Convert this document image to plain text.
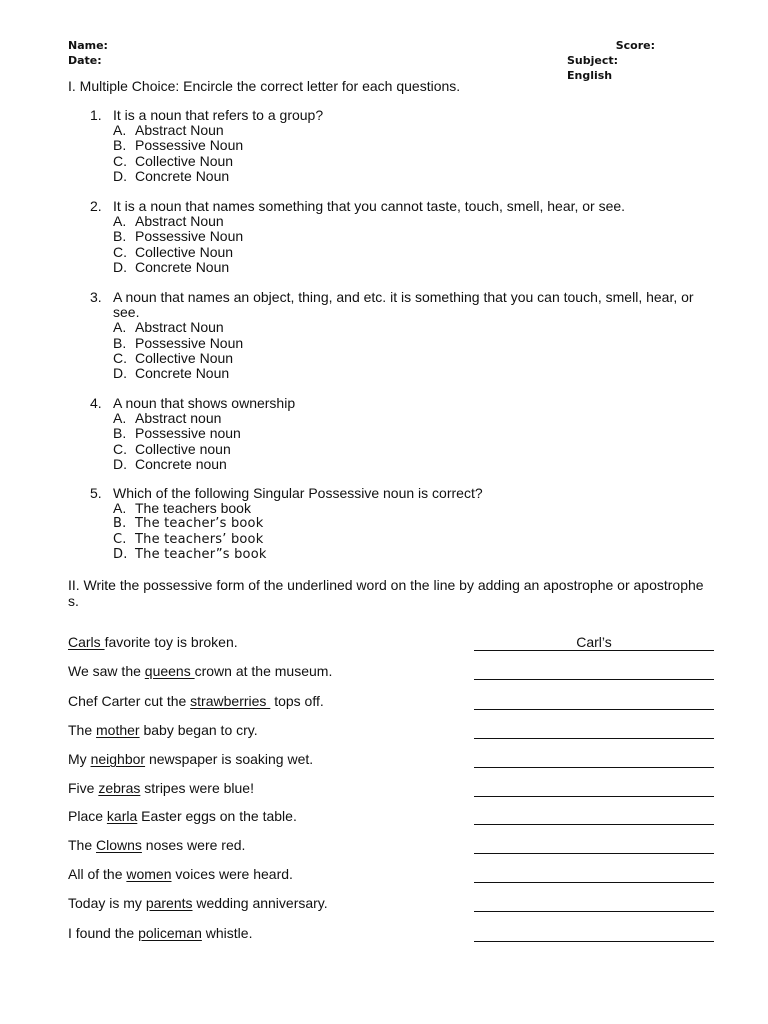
Name:
Date:
Score:
Subject: English
I. Multiple Choice: Encircle the correct letter for each questions.
1. It is a noun that refers to a group?
A. Abstract Noun
B. Possessive Noun
C. Collective Noun
D. Concrete Noun
2. It is a noun that names something that you cannot taste, touch, smell, hear, or see.
A. Abstract Noun
B. Possessive Noun
C. Collective Noun
D. Concrete Noun
3. A noun that names an object, thing, and etc. it is something that you can touch, smell, hear, or see.
A. Abstract Noun
B. Possessive Noun
C. Collective Noun
D. Concrete Noun
4. A noun that shows ownership
A. Abstract noun
B. Possessive noun
C. Collective noun
D. Concrete noun
5. Which of the following Singular Possessive noun is correct?
A. The teachers book
B. The teacher’s book
C. The teachers’ book
D. The teacher”s book
II. Write the possessive form of the underlined word on the line by adding an apostrophe or apostrophe s.
Carls favorite toy is broken.	Carl’s
We saw the queens crown at the museum.
Chef Carter cut the strawberries  tops off.
The mother baby began to cry.
My neighbor newspaper is soaking wet.
Five zebras stripes were blue!
Place karla Easter eggs on the table.
The Clowns noses were red.
All of the women voices were heard.
Today is my parents wedding anniversary.
I found the policeman whistle.
